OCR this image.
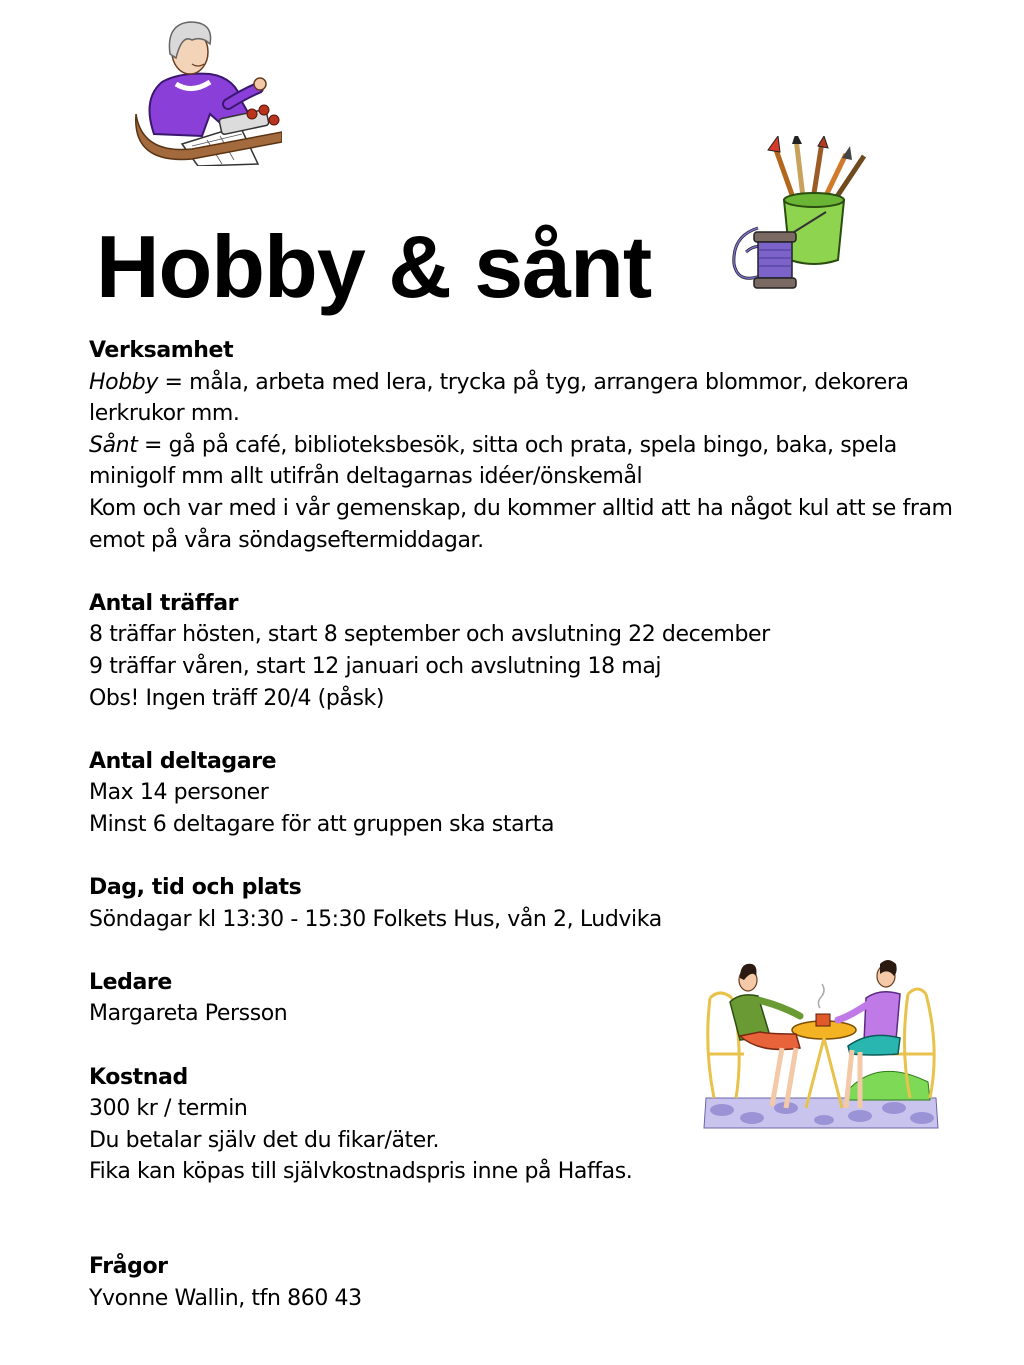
Hobby & sånt
Verksamhet
Hobby = måla, arbeta med lera, trycka på tyg, arrangera blommor, dekorera lerkrukor mm.
Sånt = gå på café, biblioteksbesök, sitta och prata, spela bingo, baka, spela minigolf mm allt utifrån deltagarnas idéer/önskemål
Kom och var med i vår gemenskap, du kommer alltid att ha något kul att se fram emot på våra söndagseftermiddagar.
Antal träffar
8 träffar hösten, start 8 september och avslutning 22 december
9 träffar våren, start 12 januari och avslutning 18 maj
Obs! Ingen träff 20/4 (påsk)
Antal deltagare
Max 14 personer
Minst 6 deltagare för att gruppen ska starta
Dag, tid och plats
Söndagar kl 13:30 - 15:30 Folkets Hus, vån 2, Ludvika
Ledare
Margareta Persson
Kostnad
300 kr / termin
Du betalar själv det du fikar/äter.
Fika kan köpas till självkostnadspris inne på Haffas.
Frågor
Yvonne Wallin, tfn 860 43
